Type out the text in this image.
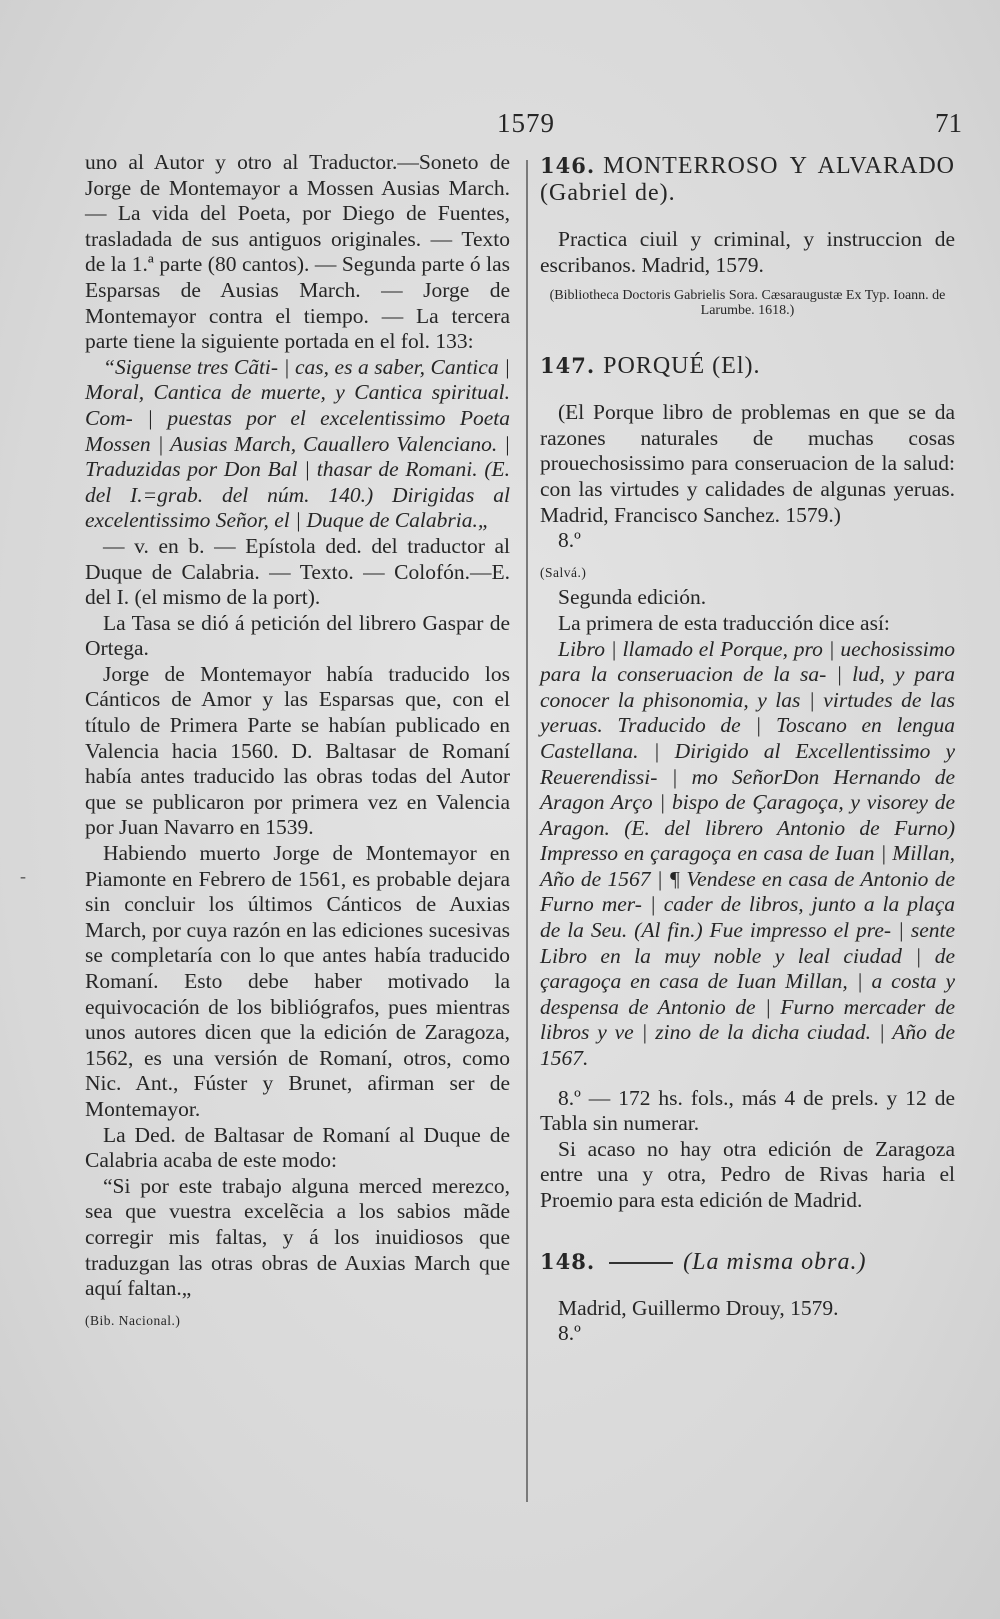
1579	71
-

uno al Autor y otro al Traductor.—Soneto de Jorge de Montemayor a Mossen Ausias March. — La vida del Poeta, por Diego de Fuentes, trasladada de sus antiguos originales. — Texto de la 1.ª parte (80 cantos). — Segunda parte ó las Esparsas de Ausias March. — Jorge de Montemayor contra el tiempo. — La tercera parte tiene la siguiente portada en el fol. 133:

“Siguense tres Cãti- | cas, es a saber, Cantica | Moral, Cantica de muerte, y Cantica spiritual. Com- | puestas por el excelentissimo Poeta Mossen | Ausias March, Cauallero Valenciano. | Traduzidas por Don Bal | thasar de Romani. (E. del I.=grab. del núm. 140.) Dirigidas al excelentissimo Señor, el | Duque de Calabria.„

— v. en b. — Epístola ded. del traductor al Duque de Calabria. — Texto. — Colofón.—E. del I. (el mismo de la port).

La Tasa se dió á petición del librero Gaspar de Ortega.

Jorge de Montemayor había traducido los Cánticos de Amor y las Esparsas que, con el título de Primera Parte se habían publicado en Valencia hacia 1560. D. Baltasar de Romaní había antes traducido las obras todas del Autor que se publicaron por primera vez en Valencia por Juan Navarro en 1539.

Habiendo muerto Jorge de Montemayor en Piamonte en Febrero de 1561, es probable dejara sin concluir los últimos Cánticos de Auxias March, por cuya razón en las ediciones sucesivas se completaría con lo que antes había traducido Romaní. Esto debe haber motivado la equivocación de los bibliógrafos, pues mientras unos autores dicen que la edición de Zaragoza, 1562, es una versión de Romaní, otros, como Nic. Ant., Fúster y Brunet, afirman ser de Montemayor.

La Ded. de Baltasar de Romaní al Duque de Calabria acaba de este modo:

“Si por este trabajo alguna merced merezco, sea que vuestra excelẽcia a los sabios mãde corregir mis faltas, y á los inuidiosos que traduzgan las otras obras de Auxias March que aquí faltan.„

(Bib. Nacional.)

146. MONTERROSO Y ALVARADO (Gabriel de).

Practica ciuil y criminal, y instruccion de escribanos. Madrid, 1579.

(Bibliotheca Doctoris Gabrielis Sora. Cæsaraugustæ Ex Typ. Ioann. de Larumbe. 1618.)

147. PORQUÉ (El).

(El Porque libro de problemas en que se da razones naturales de muchas cosas prouechosissimo para conseruacion de la salud: con las virtudes y calidades de algunas yeruas. Madrid, Francisco Sanchez. 1579.)

8.º

(Salvá.)

Segunda edición.

La primera de esta traducción dice así:

Libro | llamado el Porque, pro | uechosissimo para la conseruacion de la sa- | lud, y para conocer la phisonomia, y las | virtudes de las yeruas. Traducido de | Toscano en lengua Castellana. | Dirigido al Excellentissimo y Reuerendissi- | mo SeñorDon Hernando de Aragon Arço | bispo de Çaragoça, y visorey de Aragon. (E. del librero Antonio de Furno) Impresso en çaragoça en casa de Iuan | Millan, Año de 1567 | ¶ Vendese en casa de Antonio de Furno mer- | cader de libros, junto a la plaça de la Seu. (Al fin.) Fue impresso el pre- | sente Libro en la muy noble y leal ciudad | de çaragoça en casa de Iuan Millan, | a costa y despensa de Antonio de | Furno mercader de libros y ve | zino de la dicha ciudad. | Año de 1567.

8.º — 172 hs. fols., más 4 de prels. y 12 de Tabla sin numerar.

Si acaso no hay otra edición de Zaragoza entre una y otra, Pedro de Rivas haria el Proemio para esta edición de Madrid.

148.	(La misma obra.)

Madrid, Guillermo Drouy, 1579.

8.º
